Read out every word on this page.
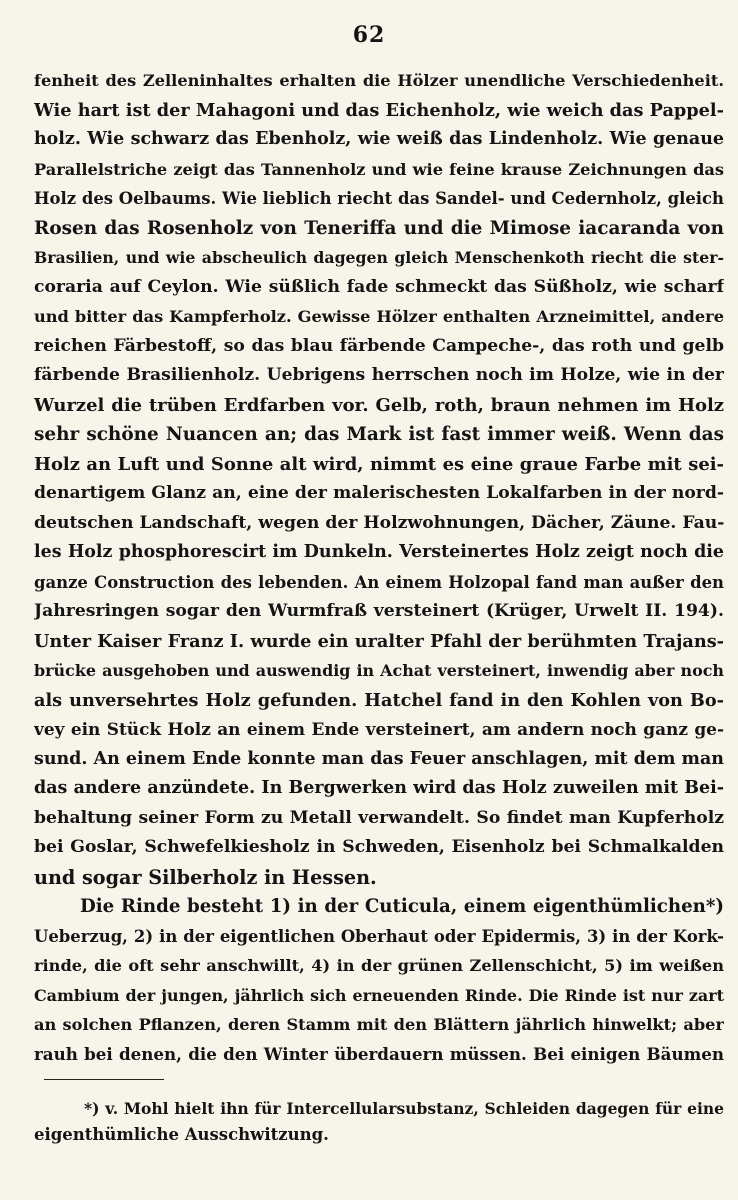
62
fenheit des Zelleninhaltes erhalten die Hölzer unendliche Verschiedenheit.
Wie hart ist der Mahagoni und das Eichenholz, wie weich das Pappel-
holz. Wie schwarz das Ebenholz, wie weiß das Lindenholz. Wie genaue
Parallelstriche zeigt das Tannenholz und wie feine krause Zeichnungen das
Holz des Oelbaums. Wie lieblich riecht das Sandel- und Cedernholz, gleich
Rosen das Rosenholz von Teneriffa und die Mimose iacaranda von
Brasilien, und wie abscheulich dagegen gleich Menschenkoth riecht die ster-
coraria auf Ceylon. Wie süßlich fade schmeckt das Süßholz, wie scharf
und bitter das Kampferholz. Gewisse Hölzer enthalten Arzneimittel, andere
reichen Färbestoff, so das blau färbende Campeche-, das roth und gelb
färbende Brasilienholz. Uebrigens herrschen noch im Holze, wie in der
Wurzel die trüben Erdfarben vor. Gelb, roth, braun nehmen im Holz
sehr schöne Nuancen an; das Mark ist fast immer weiß. Wenn das
Holz an Luft und Sonne alt wird, nimmt es eine graue Farbe mit sei-
denartigem Glanz an, eine der malerischesten Lokalfarben in der nord-
deutschen Landschaft, wegen der Holzwohnungen, Dächer, Zäune. Fau-
les Holz phosphorescirt im Dunkeln. Versteinertes Holz zeigt noch die
ganze Construction des lebenden. An einem Holzopal fand man außer den
Jahresringen sogar den Wurmfraß versteinert (Krüger, Urwelt II. 194).
Unter Kaiser Franz I. wurde ein uralter Pfahl der berühmten Trajans-
brücke ausgehoben und auswendig in Achat versteinert, inwendig aber noch
als unversehrtes Holz gefunden. Hatchel fand in den Kohlen von Bo-
vey ein Stück Holz an einem Ende versteinert, am andern noch ganz ge-
sund. An einem Ende konnte man das Feuer anschlagen, mit dem man
das andere anzündete. In Bergwerken wird das Holz zuweilen mit Bei-
behaltung seiner Form zu Metall verwandelt. So findet man Kupferholz
bei Goslar, Schwefelkiesholz in Schweden, Eisenholz bei Schmalkalden
und sogar Silberholz in Hessen.
Die Rinde besteht 1) in der Cuticula, einem eigenthümlichen*)
Ueberzug, 2) in der eigentlichen Oberhaut oder Epidermis, 3) in der Kork-
rinde, die oft sehr anschwillt, 4) in der grünen Zellenschicht, 5) im weißen
Cambium der jungen, jährlich sich erneuenden Rinde. Die Rinde ist nur zart
an solchen Pflanzen, deren Stamm mit den Blättern jährlich hinwelkt; aber
rauh bei denen, die den Winter überdauern müssen. Bei einigen Bäumen
*) v. Mohl hielt ihn für Intercellularsubstanz, Schleiden dagegen für eine
eigenthümliche Ausschwitzung.
